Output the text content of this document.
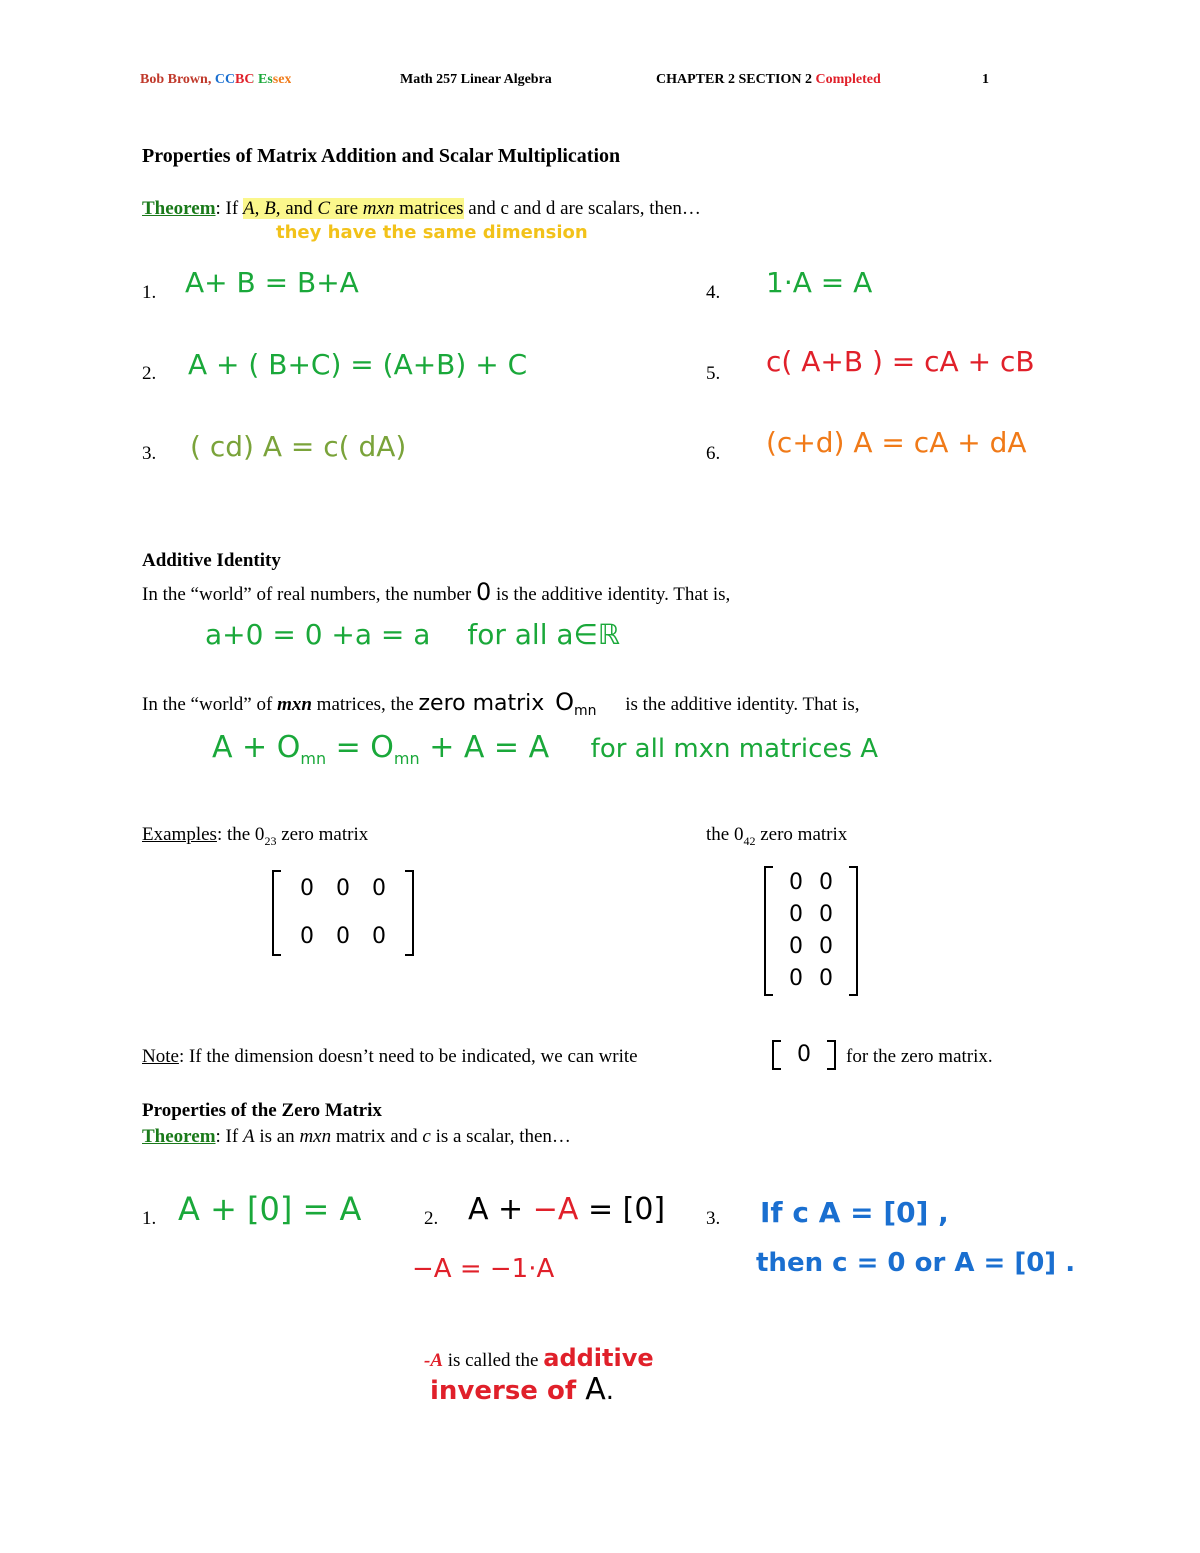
Bob Brown, CCBC Essex	Math 257 Linear Algebra	CHAPTER 2 SECTION 2 Completed	1
Properties of Matrix Addition and Scalar Multiplication
Theorem: If A, B, and C are mxn matrices and c and d are scalars, then…
they have the same dimension
1. A+ B = B+A
2. A + ( B+C) = (A+B) + C
3. ( cd) A = c( dA)
4. 1·A = A
5. c( A+B ) = cA + cB
6. (c+d) A = cA + dA
Additive Identity
In the “world” of real numbers, the number 0 is the additive identity. That is,
a+0 = 0 +a = a for all a∈ℝ
In the “world” of mxn matrices, the zero matrix $O_{mn}$ is the additive identity. That is,
$A + O_{mn} = O_{mn} + A = A$ for all mxn matrices A
Examples: the $0_{23}$ zero matrix	the $0_{42}$ zero matrix
0	0	0
0	0	0
0 0
0 0
0 0
0 0
Note: If the dimension doesn’t need to be indicated, we can write	0	for the zero matrix.
Properties of the Zero Matrix
Theorem: If A is an mxn matrix and c is a scalar, then…
1. A + [0] = A	2. A + −A = [0]
−A = −1·A
3. If c A = [0] ,
then c = 0 or A = [0] .
-A is called the additive
inverse of A.
